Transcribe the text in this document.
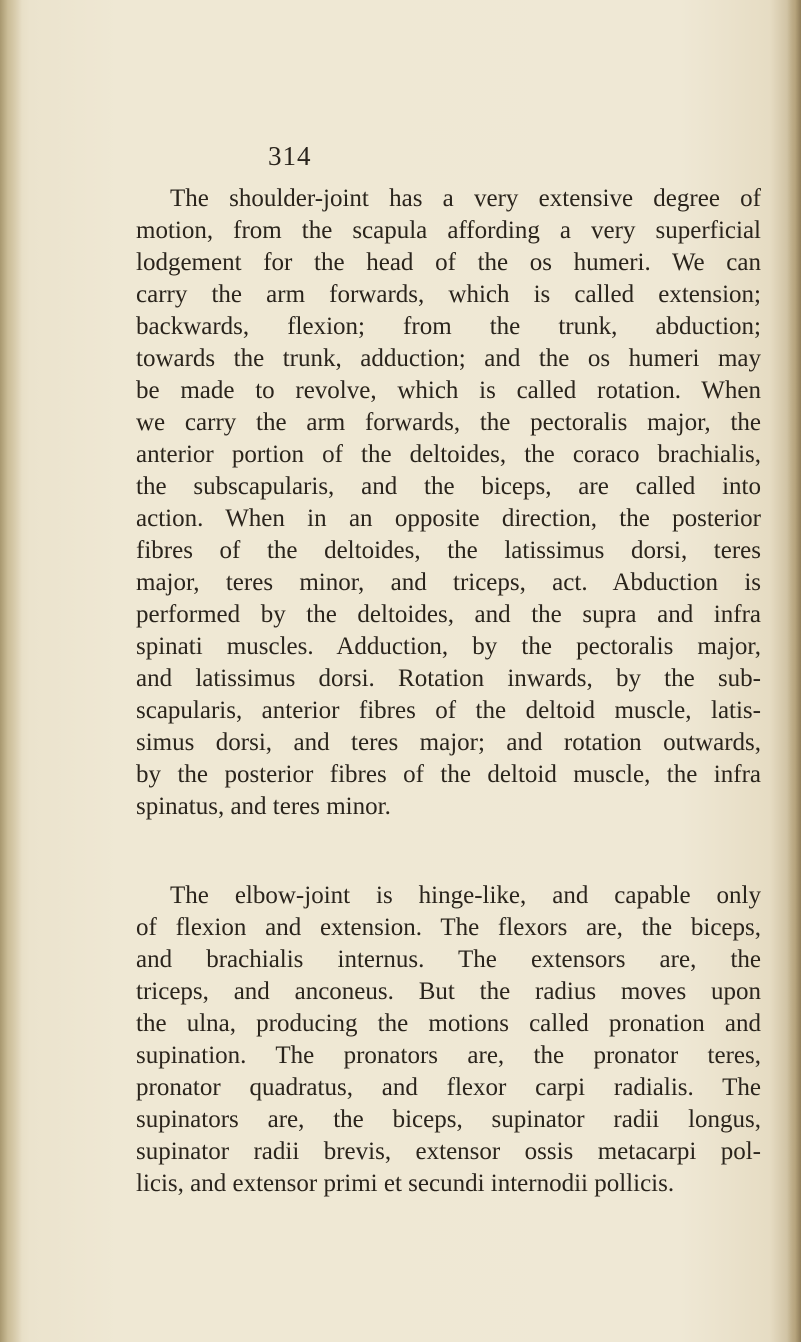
314
The shoulder-joint has a very extensive degree of
motion, from the scapula affording a very superficial
lodgement for the head of the os humeri. We can
carry the arm forwards, which is called extension;
backwards, flexion; from the trunk, abduction;
towards the trunk, adduction; and the os humeri may
be made to revolve, which is called rotation. When
we carry the arm forwards, the pectoralis major, the
anterior portion of the deltoides, the coraco brachialis,
the subscapularis, and the biceps, are called into
action. When in an opposite direction, the posterior
fibres of the deltoides, the latissimus dorsi, teres
major, teres minor, and triceps, act. Abduction is
performed by the deltoides, and the supra and infra
spinati muscles. Adduction, by the pectoralis major,
and latissimus dorsi. Rotation inwards, by the sub-
scapularis, anterior fibres of the deltoid muscle, latis-
simus dorsi, and teres major; and rotation outwards,
by the posterior fibres of the deltoid muscle, the infra
spinatus, and teres minor.
The elbow-joint is hinge-like, and capable only
of flexion and extension. The flexors are, the biceps,
and brachialis internus. The extensors are, the
triceps, and anconeus. But the radius moves upon
the ulna, producing the motions called pronation and
supination. The pronators are, the pronator teres,
pronator quadratus, and flexor carpi radialis. The
supinators are, the biceps, supinator radii longus,
supinator radii brevis, extensor ossis metacarpi pol-
licis, and extensor primi et secundi internodii pollicis.
